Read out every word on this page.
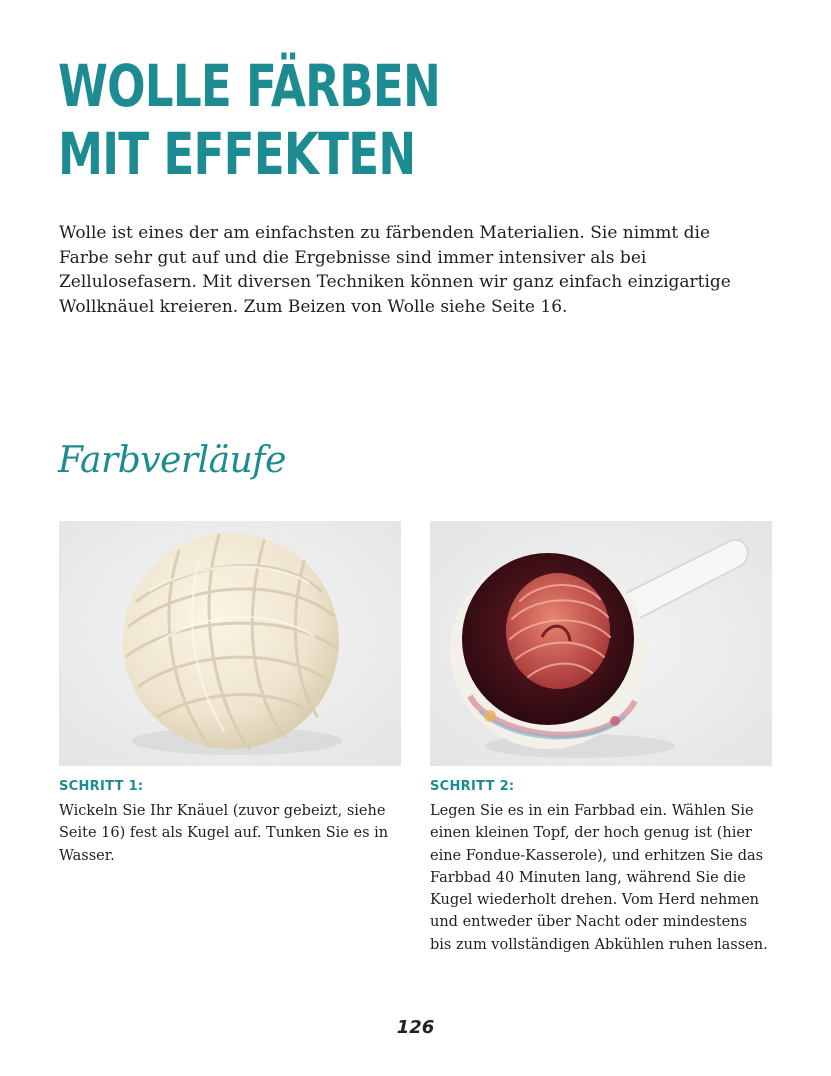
WOLLE FÄRBEN
MIT EFFEKTEN

Wolle ist eines der am einfachsten zu färbenden Materialien. Sie nimmt die Farbe sehr gut auf und die Ergebnisse sind immer intensiver als bei Zellulosefasern. Mit diversen Techniken können wir ganz einfach einzigartige Wollknäuel kreieren. Zum Beizen von Wolle siehe Seite 16.

Farbverläufe
SCHRITT 1:

Wickeln Sie Ihr Knäuel (zuvor gebeizt, siehe Seite 16) fest als Kugel auf. Tunken Sie es in Wasser.

SCHRITT 2:

Legen Sie es in ein Farbbad ein. Wählen Sie einen kleinen Topf, der hoch genug ist (hier eine Fondue-Kasserole), und erhitzen Sie das Farbbad 40 Minuten lang, während Sie die Kugel wiederholt drehen. Vom Herd nehmen und entweder über Nacht oder mindestens bis zum vollständigen Abkühlen ruhen lassen.

126
